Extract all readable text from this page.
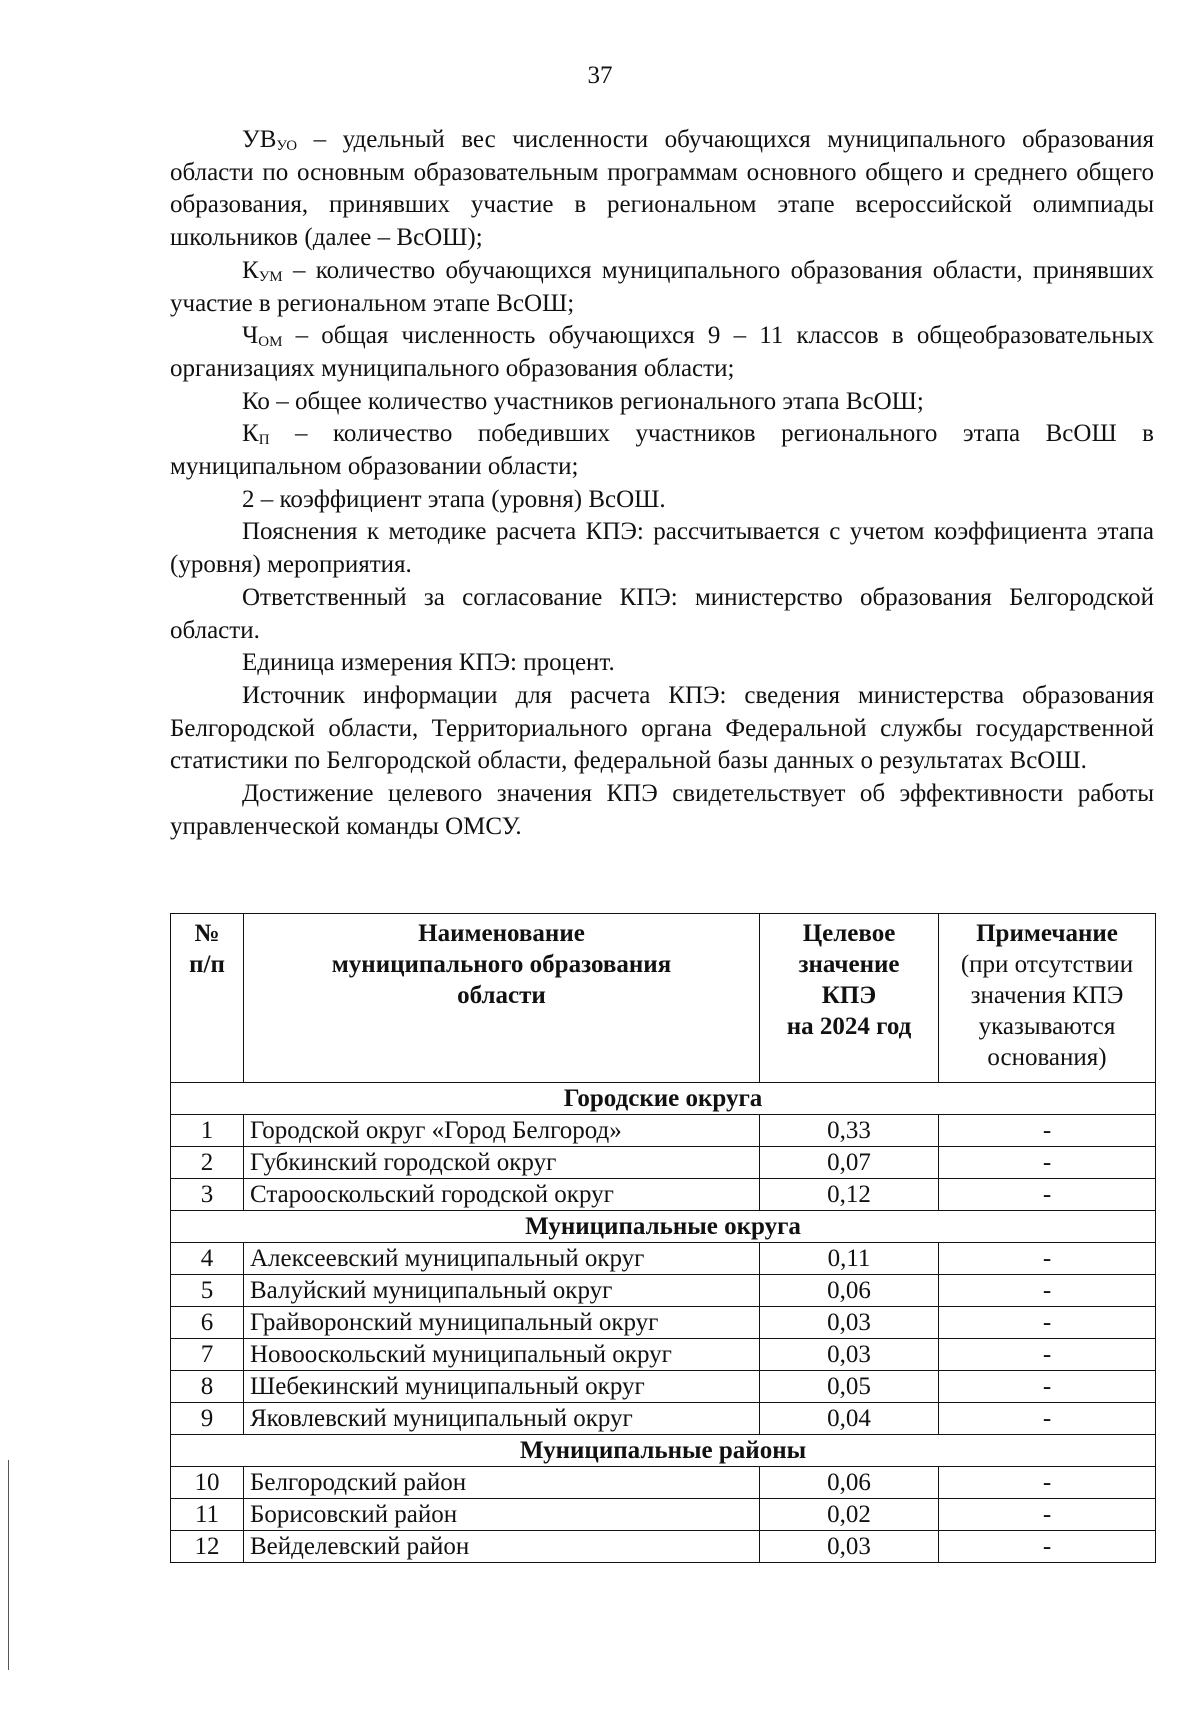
37

$УВ_{УО}$ – удельный вес численности обучающихся муниципального образования области по основным образовательным программам основного общего и среднего общего образования, принявших участие в региональном этапе всероссийской олимпиады школьников (далее – ВсОШ);

$К_{УМ}$ – количество обучающихся муниципального образования области, принявших участие в региональном этапе ВсОШ;

$Ч_{ОМ}$ – общая численность обучающихся 9 – 11 классов в общеобразовательных организациях муниципального образования области;

Ко – общее количество участников регионального этапа ВсОШ;

$К_П$ – количество победивших участников регионального этапа ВсОШ в муниципальном образовании области;

2 – коэффициент этапа (уровня) ВсОШ.

Пояснения к методике расчета КПЭ: рассчитывается с учетом коэффициента этапа (уровня) мероприятия.

Ответственный за согласование КПЭ: министерство образования Белгородской области.

Единица измерения КПЭ: процент.

Источник информации для расчета КПЭ: сведения министерства образования Белгородской области, Территориального органа Федеральной службы государственной статистики по Белгородской области, федеральной базы данных о результатах ВсОШ.

Достижение целевого значения КПЭ свидетельствует об эффективности работы управленческой команды ОМСУ.

№
п/п	Наименование
муниципального образования
области	Целевое
значение
КПЭ
на 2024 год	Примечание
(при отсутствии
значения КПЭ
указываются
основания)
Городские округа			
1	Городской округ «Город Белгород»	0,33	-
2	Губкинский городской округ	0,07	-
3	Старооскольский городской округ	0,12	-
Муниципальные округа			
4	Алексеевский муниципальный округ	0,11	-
5	Валуйский муниципальный округ	0,06	-
6	Грайворонский муниципальный округ	0,03	-
7	Новооскольский муниципальный округ	0,03	-
8	Шебекинский муниципальный округ	0,05	-
9	Яковлевский муниципальный округ	0,04	-
Муниципальные районы			
10	Белгородский район	0,06	-
11	Борисовский район	0,02	-
12	Вейделевский район	0,03	-
